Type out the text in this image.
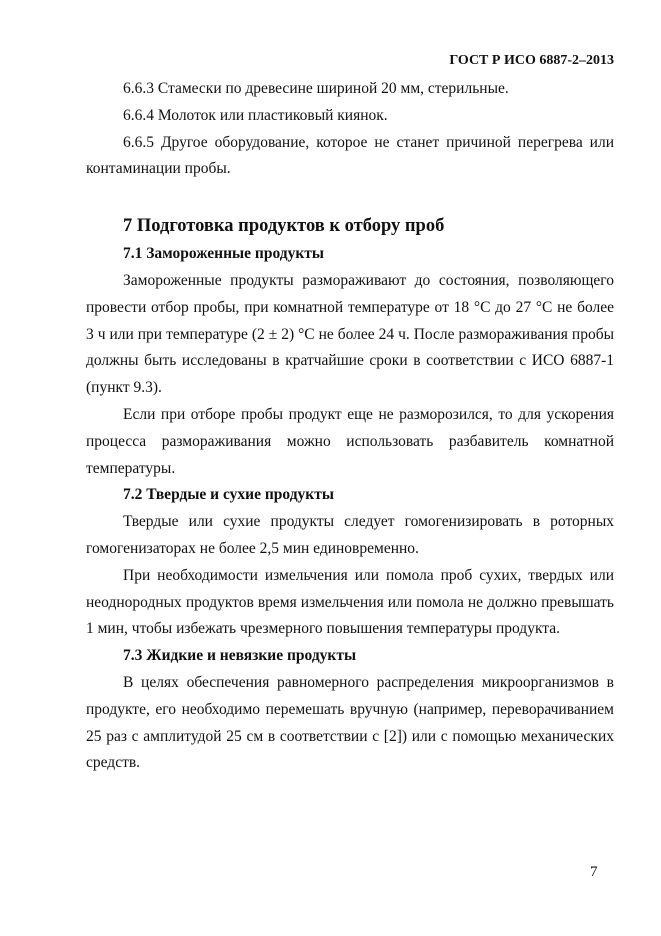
ГОСТ Р ИСО 6887-2–2013

6.6.3 Стамески по древесине шириной 20 мм, стерильные.

6.6.4 Молоток или пластиковый киянок.

6.6.5 Другое оборудование, которое не станет причиной перегрева или контаминации пробы.

7 Подготовка продуктов к отбору проб
7.1 Замороженные продукты

Замороженные продукты размораживают до состояния, позволяющего провести отбор пробы, при комнатной температуре от 18 °С до 27 °С не более 3 ч или при температуре (2 ± 2) °С не более 24 ч. После размораживания пробы должны быть исследованы в кратчайшие сроки в соответствии с ИСО 6887-1 (пункт 9.3).

Если при отборе пробы продукт еще не разморозился, то для ускорения процесса размораживания можно использовать разбавитель комнатной температуры.

7.2 Твердые и сухие продукты

Твердые или сухие продукты следует гомогенизировать в роторных гомогенизаторах не более 2,5 мин единовременно.

При необходимости измельчения или помола проб сухих, твердых или неоднородных продуктов время измельчения или помола не должно превышать 1 мин, чтобы избежать чрезмерного повышения температуры продукта.

7.3 Жидкие и невязкие продукты

В целях обеспечения равномерного распределения микроорганизмов в продукте, его необходимо перемешать вручную (например, переворачиванием 25 раз с амплитудой 25 см в соответствии с [2]) или с помощью механических средств.

7
